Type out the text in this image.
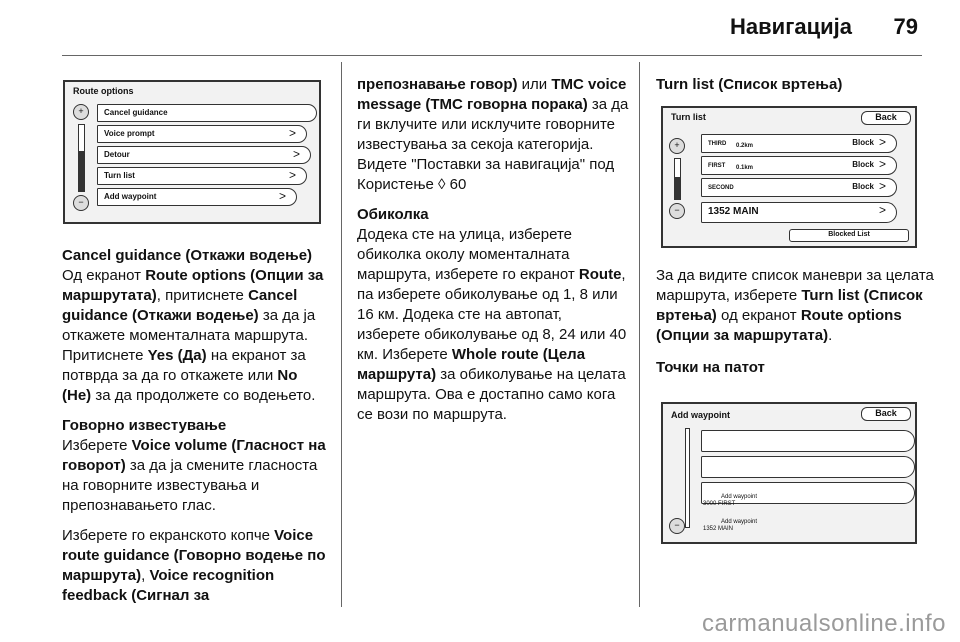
Навигација 79
Route options
+
−
Cancel guidance
Voice prompt	>
Detour	>
Turn list	>
Add waypoint	>
Cancel guidance (Откажи водење)

Од екранот Route options (Опции за маршрутата), притиснете Cancel guidance (Откажи водење) за да ја откажете моменталната маршрута. Притиснете Yes (Да) на екранот за потврда за да го откажете или No (Не) за да продолжете со водењето.

Говорно известување

Изберете Voice volume (Гласност на говорот) за да ја смените гласноста на говорните известувања и препознавањето глас.

Изберете го екранското копче Voice route guidance (Говорно водење по маршрута), Voice recognition feedback (Сигнал за

препознавање говор) или TMC voice message (TMC говорна порака) за да ги вклучите или исклучите говорните известувања за секоја категорија. Видете "Поставки за навигација" под Користење ◊ 60

Обиколка

Додека сте на улица, изберете обиколка околу моменталната маршрута, изберете го екранот Route, па изберете обиколување од 1, 8 или 16 км. Додека сте на автопат, изберете обиколување од 8, 24 или 40 км. Изберете Whole route (Цела маршрута) за обиколување на целата маршрута. Ова е достапно само кога се вози по маршрута.

Turn list (Список вртења)
Turn list	Back
+
−
THIRD 0.2km	Block >
FIRST 0.1km	Block >
SECOND	Block >
1352 MAIN	>
Blocked List

За да видите список маневри за целата маршрута, изберете Turn list (Список вртења) од екранот Route options (Опции за маршрутата).

Точки на патот
Add waypoint	Back
−
Add waypoint
3000 FIRST
Add waypoint
1352 MAIN
carmanualsonline.info
